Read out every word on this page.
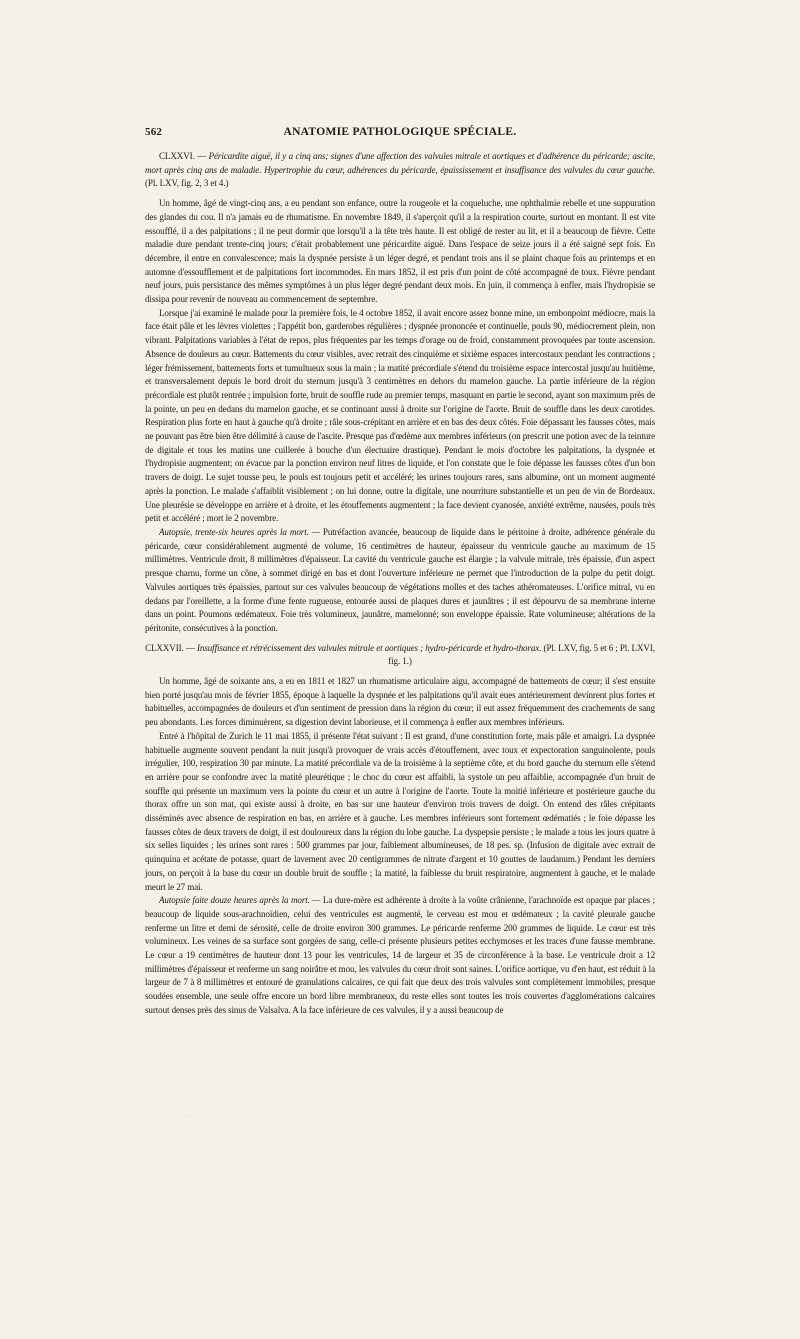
562	ANATOMIE PATHOLOGIQUE SPÉCIALE.

CLXXVI. — Péricardite aiguë, il y a cinq ans; signes d'une affection des valvules mitrale et aortiques et d'adhérence du péricarde; ascite, mort après cinq ans de maladie. Hypertrophie du cœur, adhérences du péricarde, épaississement et insuffisance des valvules du cœur gauche. (Pl. LXV, fig. 2, 3 et 4.)

Un homme, âgé de vingt-cinq ans, a eu pendant son enfance, outre la rougeole et la coqueluche, une ophthalmie rebelle et une suppuration des glandes du cou. Il n'a jamais eu de rhumatisme. En novembre 1849, il s'aperçoit qu'il a la respiration courte, surtout en montant. Il est vite essoufflé, il a des palpitations ; il ne peut dormir que lorsqu'il a la tête très haute. Il est obligé de rester au lit, et il a beaucoup de fièvre. Cette maladie dure pendant trente-cinq jours; c'était probablement une péricardite aiguë. Dans l'espace de seize jours il a été saigné sept fois. En décembre, il entre en convalescence; mais la dyspnée persiste à un léger degré, et pendant trois ans il se plaint chaque fois au printemps et en automne d'essoufflement et de palpitations fort incommodes. En mars 1852, il est pris d'un point de côté accompagné de toux. Fièvre pendant neuf jours, puis persistance des mêmes symptômes à un plus léger degré pendant deux mois. En juin, il commença à enfler, mais l'hydropisie se dissipa pour revenir de nouveau au commencement de septembre.

Lorsque j'ai examiné le malade pour la première fois, le 4 octobre 1852, il avait encore assez bonne mine, un embonpoint médiocre, mais la face était pâle et les lèvres violettes ; l'appétit bon, garderobes régulières ; dyspnée prononcée et continuelle, pouls 90, médiocrement plein, non vibrant. Palpitations variables à l'état de repos, plus fréquentes par les temps d'orage ou de froid, constamment provoquées par toute ascension. Absence de douleurs au cœur. Battements du cœur visibles, avec retrait des cinquième et sixième espaces intercostaux pendant les contractions ; léger frémissement, battements forts et tumultueux sous la main ; la matité précordiale s'étend du troisième espace intercostal jusqu'au huitième, et transversalement depuis le bord droit du sternum jusqu'à 3 centimètres en dehors du mamelon gauche. La partie inférieure de la région précordiale est plutôt rentrée ; impulsion forte, bruit de souffle rude au premier temps, masquant en partie le second, ayant son maximum près de la pointe, un peu en dedans du mamelon gauche, et se continuant aussi à droite sur l'origine de l'aorte. Bruit de souffle dans les deux carotides. Respiration plus forte en haut à gauche qu'à droite ; râle sous-crépitant en arrière et en bas des deux côtés. Foie dépassant les fausses côtes, mais ne pouvant pas être bien être délimité à cause de l'ascite. Presque pas d'œdème aux membres inférieurs (on prescrit une potion avec de la teinture de digitale et tous les matins une cuillerée à bouche d'un électuaire drastique). Pendant le mois d'octobre les palpitations, la dyspnée et l'hydropisie augmentent; on évacue par la ponction environ neuf litres de liquide, et l'on constate que le foie dépasse les fausses côtes d'un bon travers de doigt. Le sujet tousse peu, le pouls est toujours petit et accéléré; les urines toujours rares, sans albumine, ont un moment augmenté après la ponction. Le malade s'affaiblit visiblement ; on lui donne, outre la digitale, une nourriture substantielle et un peu de vin de Bordeaux. Une pleurésie se développe en arrière et à droite, et les étouffements augmentent ; la face devient cyanosée, anxiété extrême, nausées, pouls très petit et accéléré ; mort le 2 novembre.

Autopsie, trente-six heures après la mort. — Putréfaction avancée, beaucoup de liquide dans le péritoine à droite, adhérence générale du péricarde, cœur considérablement augmenté de volume, 16 centimètres de hauteur, épaisseur du ventricule gauche au maximum de 15 millimètres. Ventricule droit, 8 millimètres d'épaisseur. La cavité du ventricule gauche est élargie ; la valvule mitrale, très épaissie, d'un aspect presque charnu, forme un cône, à sommet dirigé en bas et dont l'ouverture inférieure ne permet que l'introduction de la pulpe du petit doigt. Valvules aortiques très épaissies, partout sur ces valvules beaucoup de végétations molles et des taches athéromateuses. L'orifice mitral, vu en dedans par l'oreillette, a la forme d'une fente rugueuse, entourée aussi de plaques dures et jaunâtres ; il est dépourvu de sa membrane interne dans un point. Poumons œdémateux. Foie très volumineux, jaunâtre, mamelonné; son enveloppe épaissie. Rate volumineuse; altérations de la péritonite, consécutives à la ponction.

CLXXVII. — Insuffisance et rétrécissement des valvules mitrale et aortiques ; hydro-péricarde et hydro-thorax. (Pl. LXV, fig. 5 et 6 ; Pl. LXVI, fig. 1.)

Un homme, âgé de soixante ans, a eu en 1811 et 1827 un rhumatisme articulaire aigu, accompagné de battements de cœur; il s'est ensuite bien porté jusqu'au mois de février 1855, époque à laquelle la dyspnée et les palpitations qu'il avait eues antérieurement devinrent plus fortes et habituelles, accompagnées de douleurs et d'un sentiment de pression dans la région du cœur; il eut assez fréquemment des crachements de sang peu abondants. Les forces diminuèrent, sa digestion devint laborieuse, et il commença à enfler aux membres inférieurs.

Entré à l'hôpital de Zurich le 11 mai 1855, il présente l'état suivant : Il est grand, d'une constitution forte, mais pâle et amaigri. La dyspnée habituelle augmente souvent pendant la nuit jusqu'à provoquer de vrais accès d'étouffement, avec toux et expectoration sanguinolente, pouls irrégulier, 100, respiration 30 par minute. La matité précordiale va de la troisième à la septième côte, et du bord gauche du sternum elle s'étend en arrière pour se confondre avec la matité pleurétique ; le choc du cœur est affaibli, la systole un peu affaiblie, accompagnée d'un bruit de souffle qui présente un maximum vers la pointe du cœur et un autre à l'origine de l'aorte. Toute la moitié inférieure et postérieure gauche du thorax offre un son mat, qui existe aussi à droite, en bas sur une hauteur d'environ trois travers de doigt. On entend des râles crépitants disséminés avec absence de respiration en bas, en arrière et à gauche. Les membres inférieurs sont fortement œdématiés ; le foie dépasse les fausses côtes de deux travers de doigt, il est douloureux dans la région du lobe gauche. La dyspepsie persiste ; le malade a tous les jours quatre à six selles liquides ; les urines sont rares : 500 grammes par jour, faiblement albumineuses, de 18 pes. sp. (Infusion de digitale avec extrait de quinquina et acétate de potasse, quart de lavement avec 20 centigrammes de nitrate d'argent et 10 gouttes de laudanum.) Pendant les derniers jours, on perçoit à la base du cœur un double bruit de souffle ; la matité, la faiblesse du bruit respiratoire, augmentent à gauche, et le malade meurt le 27 mai.

Autopsie faite douze heures après la mort. — La dure-mère est adhérente à droite à la voûte crânienne, l'arachnoïde est opaque par places ; beaucoup de liquide sous-arachnoïdien, celui des ventricules est augmenté, le cerveau est mou et œdémateux ; la cavité pleurale gauche renferme un litre et demi de sérosité, celle de droite environ 300 grammes. Le péricarde renferme 200 grammes de liquide. Le cœur est très volumineux. Les veines de sa surface sont gorgées de sang, celle-ci présente plusieurs petites ecchymoses et les traces d'une fausse membrane. Le cœur a 19 centimètres de hauteur dont 13 pour les ventricules, 14 de largeur et 35 de circonférence à la base. Le ventricule droit a 12 millimètres d'épaisseur et renferme un sang noirâtre et mou, les valvules du cœur droit sont saines. L'orifice aortique, vu d'en haut, est réduit à la largeur de 7 à 8 millimètres et entouré de granulations calcaires, ce qui fait que deux des trois valvules sont complètement immobiles, presque soudées ensemble, une seule offre encore un bord libre membraneux, du reste elles sont toutes les trois couvertes d'agglomérations calcaires surtout denses près des sinus de Valsalva. A la face inférieure de ces valvules, il y a aussi beaucoup de

· ·
